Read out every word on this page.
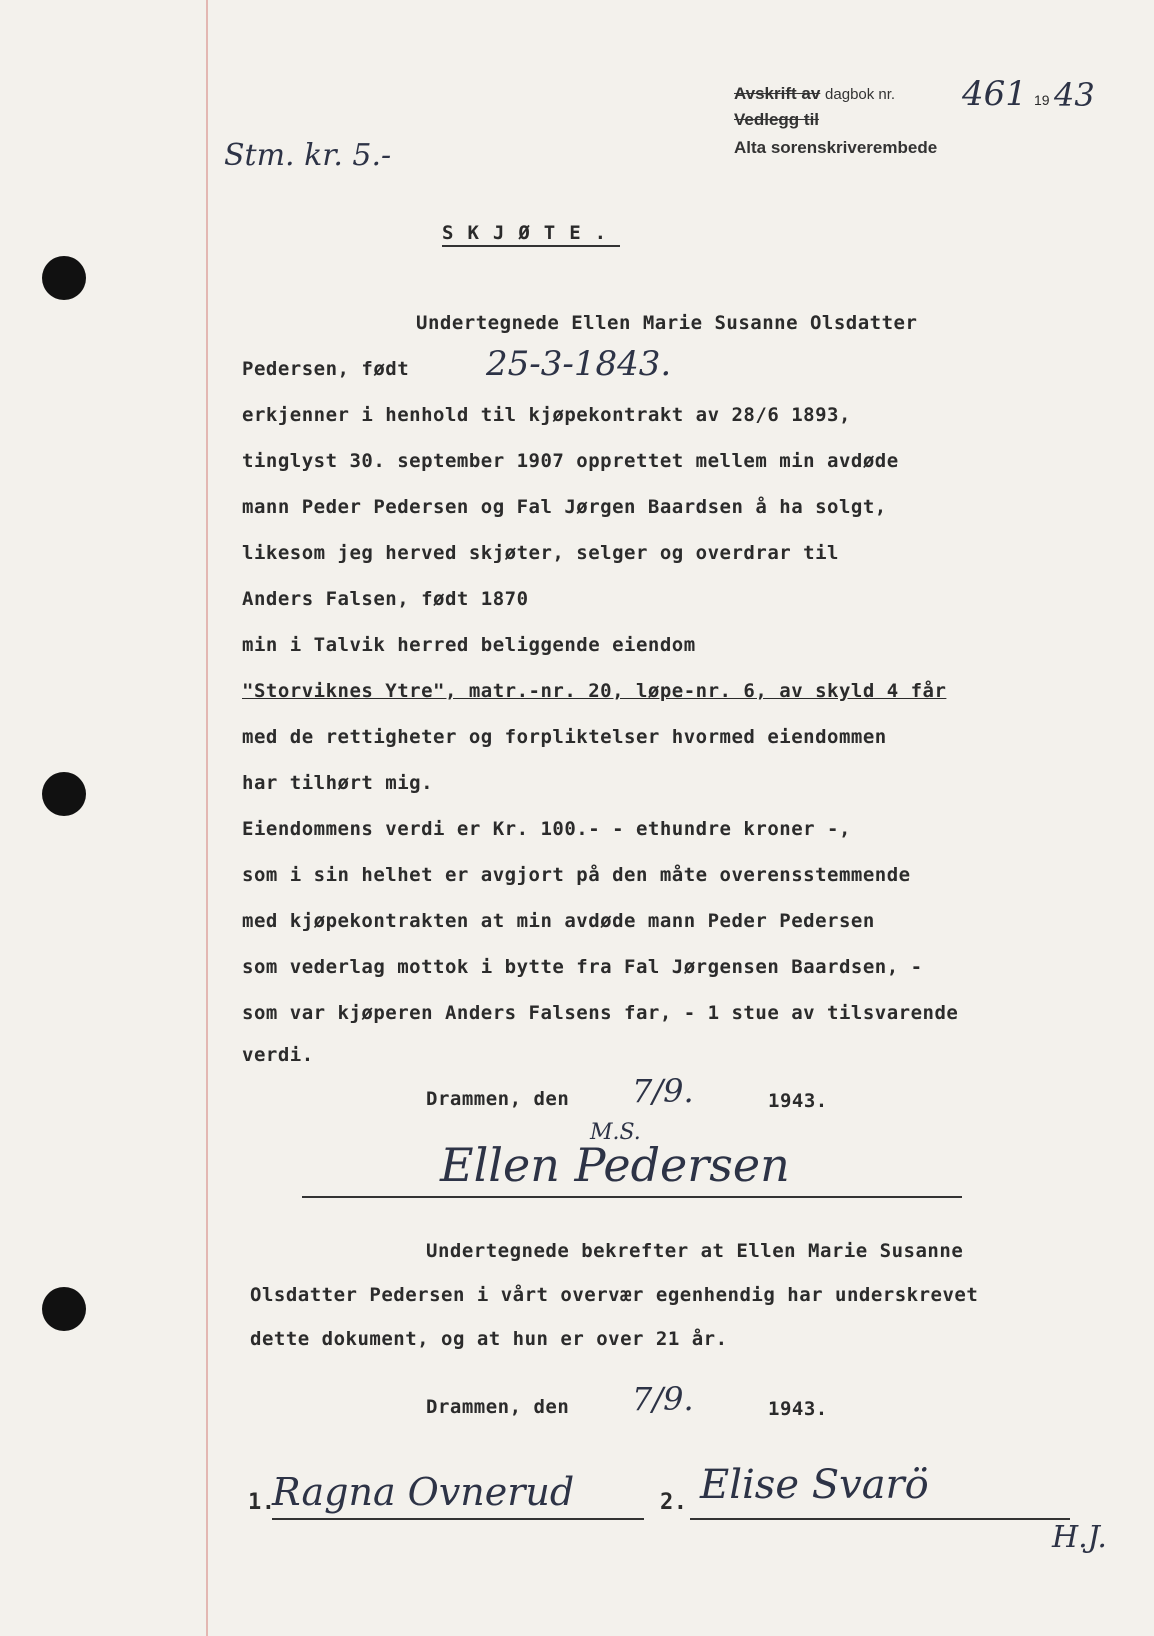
Avskrift av dagbok nr. 461 19 43
Vedlegg til
Alta sorenskriverembede
Stm. kr. 5.-
SKJØTE.
Undertegnede Ellen Marie Susanne Olsdatter
Pedersen, født 25-3-1843.
erkjenner i henhold til kjøpekontrakt av 28/6 1893,
tinglyst 30. september 1907 opprettet mellem min avdøde
mann Peder Pedersen og Fal Jørgen Baardsen å ha solgt,
likesom jeg herved skjøter, selger og overdrar til
Anders Falsen, født 1870
min i Talvik herred beliggende eiendom
"Storviknes Ytre", matr.-nr. 20, løpe-nr. 6, av skyld 4 får
med de rettigheter og forpliktelser hvormed eiendommen
har tilhørt mig.
Eiendommens verdi er Kr. 100.- - ethundre kroner -,
som i sin helhet er avgjort på den måte overensstemmende
med kjøpekontrakten at min avdøde mann Peder Pedersen
som vederlag mottok i bytte fra Fal Jørgensen Baardsen, -
som var kjøperen Anders Falsens far, - 1 stue av tilsvarende
verdi.
Drammen, den 7/9.	1943.
M.S.
Ellen Pedersen
Undertegnede bekrefter at Ellen Marie Susanne
Olsdatter Pedersen i vårt overvær egenhendig har underskrevet
dette dokument, og at hun er over 21 år.
Drammen, den 7/9.	1943.
1.
Ragna Ovnerud	2. Elise Svarö
H.J.
